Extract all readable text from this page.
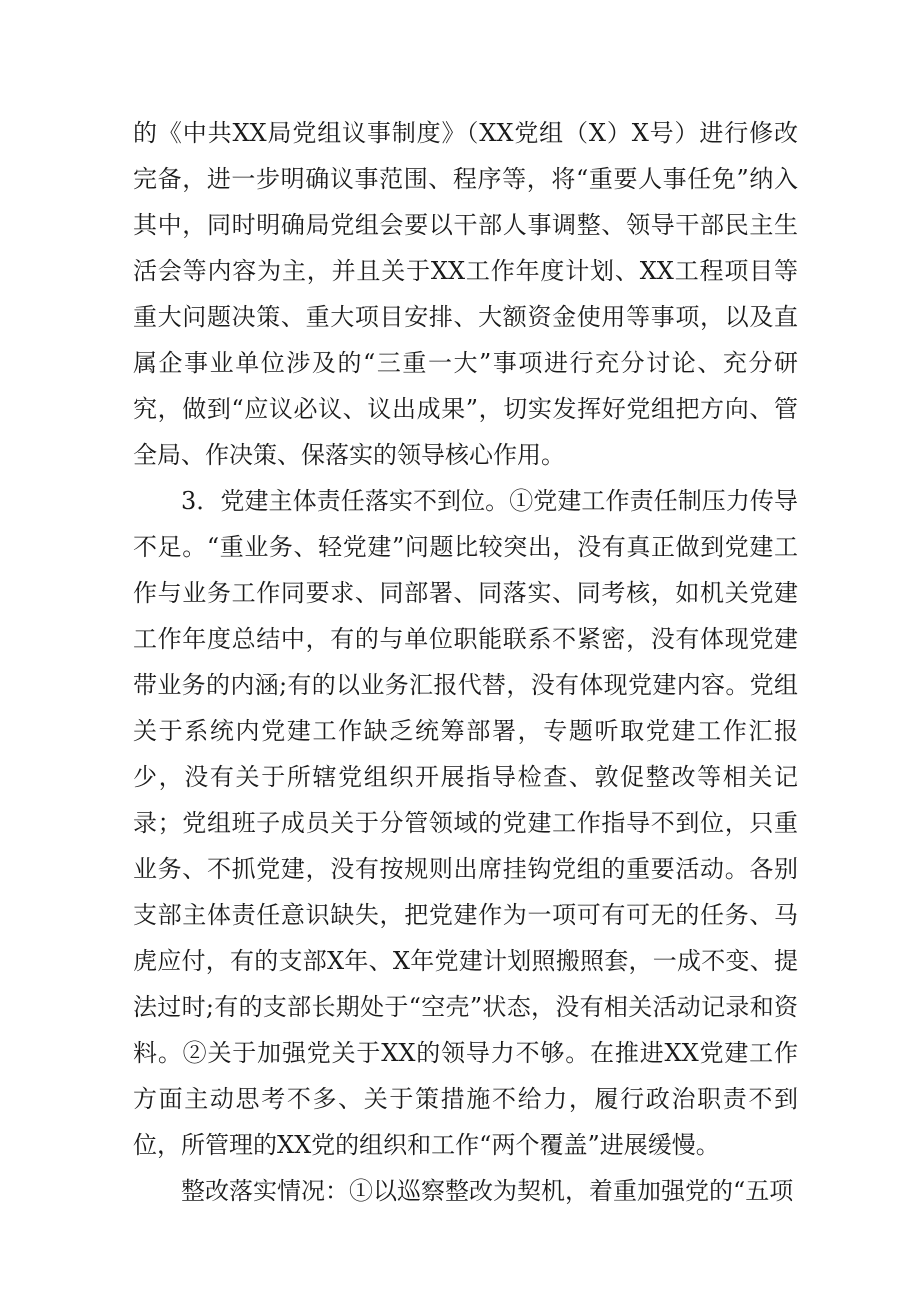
的《中共XX局党组议事制度》（XX党组（X）X号）进行修改完备，进一步明确议事范围、程序等，将“重要人事任免”纳入其中，同时明确局党组会要以干部人事调整、领导干部民主生活会等内容为主，并且关于XX工作年度计划、XX工程项目等重大问题决策、重大项目安排、大额资金使用等事项，以及直属企事业单位涉及的“三重一大”事项进行充分讨论、充分研究，做到“应议必议、议出成果”，切实发挥好党组把方向、管全局、作决策、保落实的领导核心作用。

3．党建主体责任落实不到位。①党建工作责任制压力传导不足。“重业务、轻党建”问题比较突出，没有真正做到党建工作与业务工作同要求、同部署、同落实、同考核，如机关党建工作年度总结中，有的与单位职能联系不紧密，没有体现党建带业务的内涵;有的以业务汇报代替，没有体现党建内容。党组关于系统内党建工作缺乏统筹部署，专题听取党建工作汇报少，没有关于所辖党组织开展指导检查、敦促整改等相关记录；党组班子成员关于分管领域的党建工作指导不到位，只重业务、不抓党建，没有按规则出席挂钩党组的重要活动。各别支部主体责任意识缺失，把党建作为一项可有可无的任务、马虎应付，有的支部X年、X年党建计划照搬照套，一成不变、提法过时;有的支部长期处于“空壳”状态，没有相关活动记录和资料。②关于加强党关于XX的领导力不够。在推进XX党建工作方面主动思考不多、关于策措施不给力，履行政治职责不到位，所管理的XX党的组织和工作“两个覆盖”进展缓慢。

整改落实情况：①以巡察整改为契机，着重加强党的“五项
